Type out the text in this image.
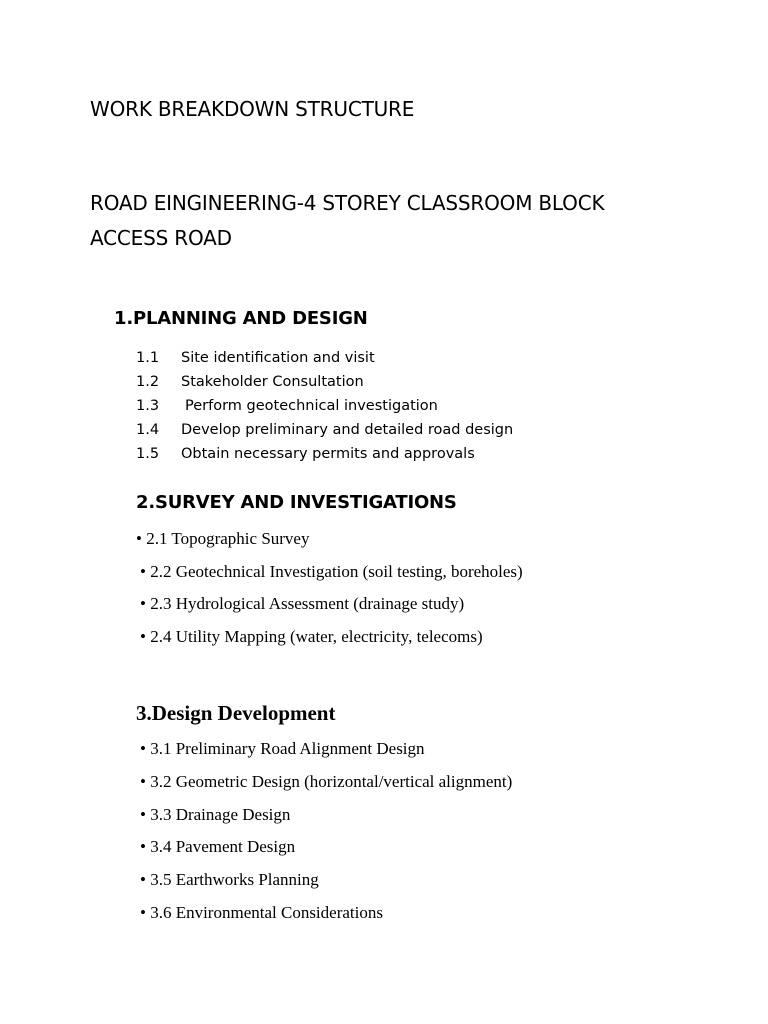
WORK BREAKDOWN STRUCTURE
ROAD EINGINEERING-4 STOREY CLASSROOM BLOCK
ACCESS ROAD
1.PLANNING AND DESIGN
1.1	Site identification and visit
1.2	Stakeholder Consultation
1.3	Perform geotechnical investigation
1.4	Develop preliminary and detailed road design
1.5	Obtain necessary permits and approvals
2.SURVEY AND INVESTIGATIONS
• 2.1 Topographic Survey
• 2.2 Geotechnical Investigation (soil testing, boreholes)
• 2.3 Hydrological Assessment (drainage study)
• 2.4 Utility Mapping (water, electricity, telecoms)
3.Design Development
• 3.1 Preliminary Road Alignment Design
• 3.2 Geometric Design (horizontal/vertical alignment)
• 3.3 Drainage Design
• 3.4 Pavement Design
• 3.5 Earthworks Planning
• 3.6 Environmental Considerations
